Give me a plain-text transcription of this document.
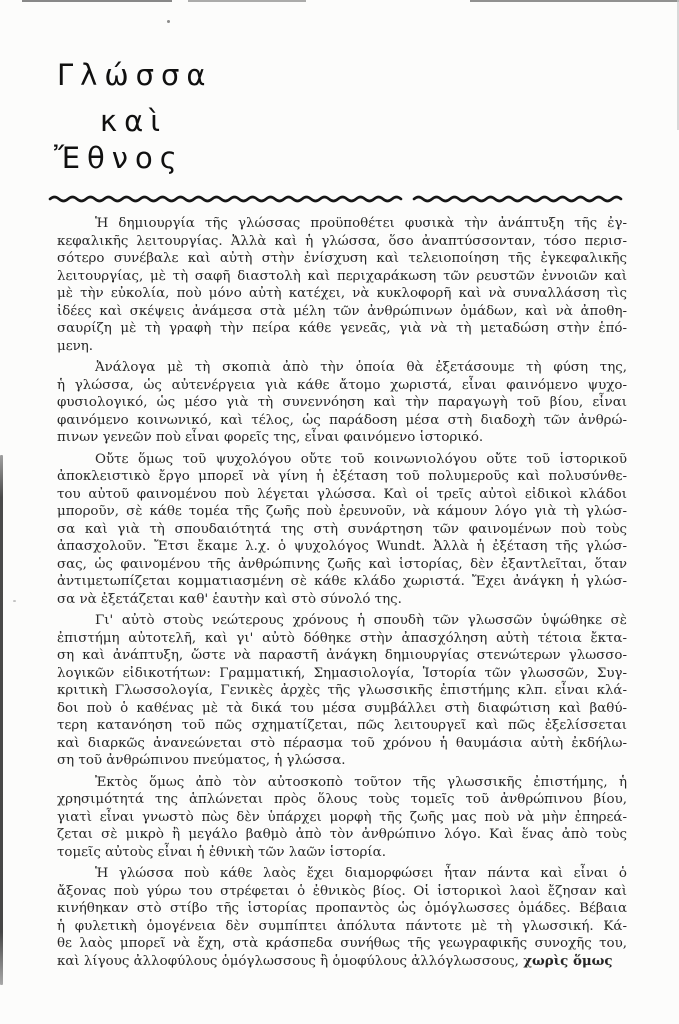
Γλώσσα
καὶ
Ἔθνος
Ἡ δημιουργία τῆς γλώσσας προϋποθέτει φυσικὰ τὴν ἀνάπτυξη τῆς ἐγ-
κεφαλικῆς λειτουργίας. Ἀλλὰ καὶ ἡ γλώσσα, ὅσο ἀναπτύσσονταν, τόσο περισ-
σότερο συνέβαλε καὶ αὐτὴ στὴν ἐνίσχυση καὶ τελειοποίηση τῆς ἐγκεφαλικῆς
λειτουργίας, μὲ τὴ σαφῆ διαστολὴ καὶ περιχαράκωση τῶν ρευστῶν ἐννοιῶν καὶ
μὲ τὴν εὐκολία, ποὺ μόνο αὐτὴ κατέχει, νὰ κυκλοφορῆ καὶ νὰ συναλλάσση τὶς
ἰδέες καὶ σκέψεις ἀνάμεσα στὰ μέλη τῶν ἀνθρώπινων ὁμάδων, καὶ νὰ ἀποθη-
σαυρίζη μὲ τὴ γραφὴ τὴν πείρα κάθε γενεᾶς, γιὰ νὰ τὴ μεταδώση στὴν ἑπό-
μενη.
Ἀνάλογα μὲ τὴ σκοπιὰ ἀπὸ τὴν ὁποία θὰ ἐξετάσουμε τὴ φύση της,
ἡ γλώσσα, ὡς αὐτενέργεια γιὰ κάθε ἄτομο χωριστά, εἶναι φαινόμενο ψυχο-
φυσιολογικό, ὡς μέσο γιὰ τὴ συνεννόηση καὶ τὴν παραγωγὴ τοῦ βίου, εἶναι
φαινόμενο κοινωνικό, καὶ τέλος, ὡς παράδοση μέσα στὴ διαδοχὴ τῶν ἀνθρώ-
πινων γενεῶν ποὺ εἶναι φορεῖς της, εἶναι φαινόμενο ἱστορικό.
Οὔτε ὅμως τοῦ ψυχολόγου οὔτε τοῦ κοινωνιολόγου οὔτε τοῦ ἱστορικοῦ
ἀποκλειστικὸ ἔργο μπορεῖ νὰ γίνη ἡ ἐξέταση τοῦ πολυμεροῦς καὶ πολυσύνθε-
του αὐτοῦ φαινομένου ποὺ λέγεται γλώσσα. Καὶ οἱ τρεῖς αὐτοὶ εἰδικοὶ κλάδοι
μποροῦν, σὲ κάθε τομέα τῆς ζωῆς ποὺ ἐρευνοῦν, νὰ κάμουν λόγο γιὰ τὴ γλώσ-
σα καὶ γιὰ τὴ σπουδαιότητά της στὴ συνάρτηση τῶν φαινομένων ποὺ τοὺς
ἀπασχολοῦν. Ἔτσι ἔκαμε λ.χ. ὁ ψυχολόγος Wundt. Ἀλλὰ ἡ ἐξέταση τῆς γλώσ-
σας, ὡς φαινομένου τῆς ἀνθρώπινης ζωῆς καὶ ἱστορίας, δὲν ἐξαντλεῖται, ὅταν
ἀντιμετωπίζεται κομματιασμένη σὲ κάθε κλάδο χωριστά. Ἔχει ἀνάγκη ἡ γλώσ-
σα νὰ ἐξετάζεται καθ' ἑαυτὴν καὶ στὸ σύνολό της.
Γι' αὐτὸ στοὺς νεώτερους χρόνους ἡ σπουδὴ τῶν γλωσσῶν ὑψώθηκε σὲ
ἐπιστήμη αὐτοτελῆ, καὶ γι' αὐτὸ δόθηκε στὴν ἀπασχόληση αὐτὴ τέτοια ἔκτα-
ση καὶ ἀνάπτυξη, ὥστε νὰ παραστῆ ἀνάγκη δημιουργίας στενώτερων γλωσσο-
λογικῶν εἰδικοτήτων: Γραμματική, Σημασιολογία, Ἱστορία τῶν γλωσσῶν, Συγ-
κριτικὴ Γλωσσολογία, Γενικὲς ἀρχὲς τῆς γλωσσικῆς ἐπιστήμης κλπ. εἶναι κλά-
δοι ποὺ ὁ καθένας μὲ τὰ δικά του μέσα συμβάλλει στὴ διαφώτιση καὶ βαθύ-
τερη κατανόηση τοῦ πῶς σχηματίζεται, πῶς λειτουργεῖ καὶ πῶς ἐξελίσσεται
καὶ διαρκῶς ἀνανεώνεται στὸ πέρασμα τοῦ χρόνου ἡ θαυμάσια αὐτὴ ἐκδήλω-
ση τοῦ ἀνθρώπινου πνεύματος, ἡ γλώσσα.
Ἐκτὸς ὅμως ἀπὸ τὸν αὐτοσκοπὸ τοῦτον τῆς γλωσσικῆς ἐπιστήμης, ἡ
χρησιμότητά της ἁπλώνεται πρὸς ὅλους τοὺς τομεῖς τοῦ ἀνθρώπινου βίου,
γιατὶ εἶναι γνωστὸ πὼς δὲν ὑπάρχει μορφὴ τῆς ζωῆς μας ποὺ νὰ μὴν ἐπηρεά-
ζεται σὲ μικρὸ ἢ μεγάλο βαθμὸ ἀπὸ τὸν ἀνθρώπινο λόγο. Καὶ ἕνας ἀπὸ τοὺς
τομεῖς αὐτοὺς εἶναι ἡ ἐθνικὴ τῶν λαῶν ἱστορία.
Ἡ γλώσσα ποὺ κάθε λαὸς ἔχει διαμορφώσει ἦταν πάντα καὶ εἶναι ὁ
ἄξονας ποὺ γύρω του στρέφεται ὁ ἐθνικὸς βίος. Οἱ ἱστορικοὶ λαοὶ ἔζησαν καὶ
κινήθηκαν στὸ στίβο τῆς ἱστορίας προπαντὸς ὡς ὁμόγλωσσες ὁμάδες. Βέβαια
ἡ φυλετικὴ ὁμογένεια δὲν συμπίπτει ἀπόλυτα πάντοτε μὲ τὴ γλωσσική. Κά-
θε λαὸς μπορεῖ νὰ ἔχη, στὰ κράσπεδα συνήθως τῆς γεωγραφικῆς συνοχῆς του,
καὶ λίγους ἀλλοφύλους ὁμόγλωσσους ἢ ὁμοφύλους ἀλλόγλωσσους, χωρὶς ὅμως
